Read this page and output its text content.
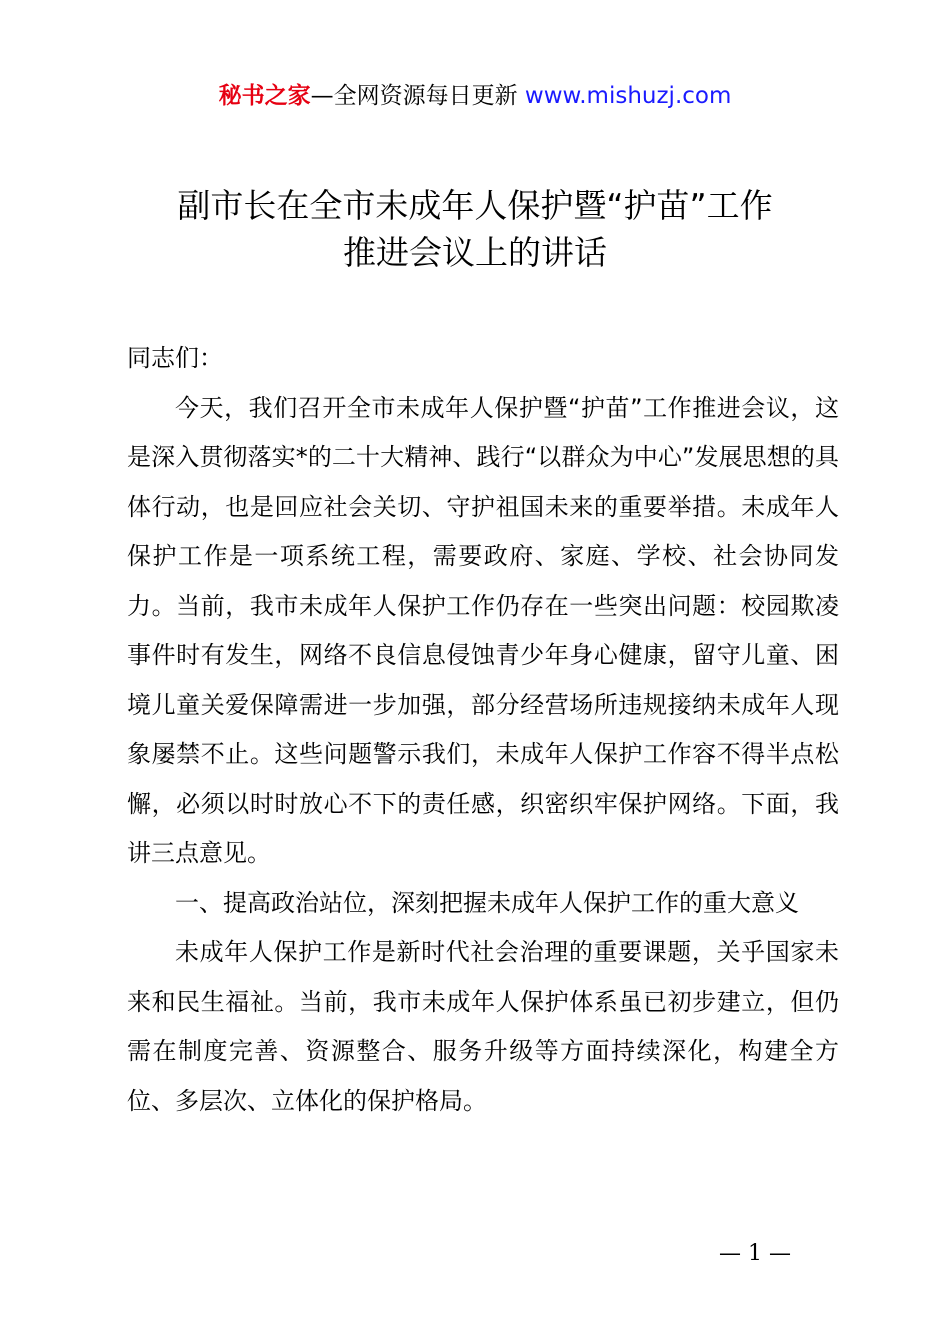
秘书之家—全网资源每日更新 www.mishuzj.com
副市长在全市未成年人保护暨“护苗”工作
推进会议上的讲话

同志们：

今天，我们召开全市未成年人保护暨“护苗”工作推进会议，这是深入贯彻落实*的二十大精神、践行“以群众为中心”发展思想的具体行动，也是回应社会关切、守护祖国未来的重要举措。未成年人保护工作是一项系统工程，需要政府、家庭、学校、社会协同发力。当前，我市未成年人保护工作仍存在一些突出问题：校园欺凌事件时有发生，网络不良信息侵蚀青少年身心健康，留守儿童、困境儿童关爱保障需进一步加强，部分经营场所违规接纳未成年人现象屡禁不止。这些问题警示我们，未成年人保护工作容不得半点松懈，必须以时时放心不下的责任感，织密织牢保护网络。下面，我讲三点意见。

一、提高政治站位，深刻把握未成年人保护工作的重大意义

未成年人保护工作是新时代社会治理的重要课题，关乎国家未来和民生福祉。当前，我市未成年人保护体系虽已初步建立，但仍需在制度完善、资源整合、服务升级等方面持续深化，构建全方位、多层次、立体化的保护格局。

— 1 —
